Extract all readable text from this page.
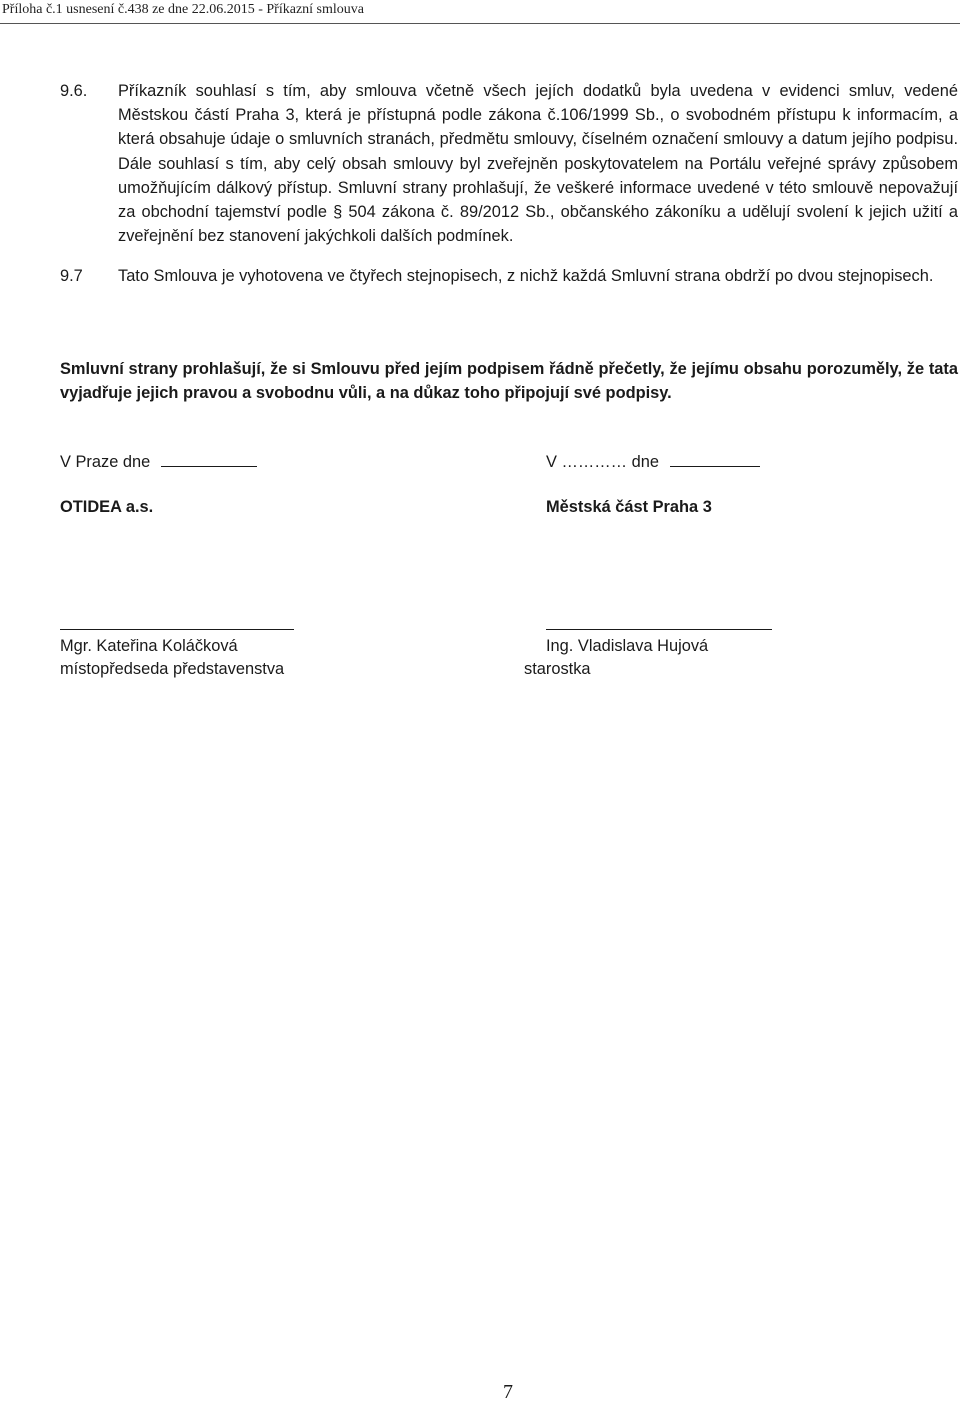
Příloha č.1 usnesení č.438 ze dne 22.06.2015 - Příkazní smlouva
9.6. Příkazník souhlasí s tím, aby smlouva včetně všech jejích dodatků byla uvedena v evidenci smluv, vedené Městskou částí Praha 3, která je přístupná podle zákona č.106/1999 Sb., o svobodném přístupu k informacím, a která obsahuje údaje o smluvních stranách, předmětu smlouvy, číselném označení smlouvy a datum jejího podpisu. Dále souhlasí s tím, aby celý obsah smlouvy byl zveřejněn poskytovatelem na Portálu veřejné správy způsobem umožňujícím dálkový přístup. Smluvní strany prohlašují, že veškeré informace uvedené v této smlouvě nepovažují za obchodní tajemství podle § 504 zákona č. 89/2012 Sb., občanského zákoníku a udělují svolení k jejich užití a zveřejnění bez stanovení jakýchkoli dalších podmínek.
9.7 Tato Smlouva je vyhotovena ve čtyřech stejnopisech, z nichž každá Smluvní strana obdrží po dvou stejnopisech.
Smluvní strany prohlašují, že si Smlouvu před jejím podpisem řádně přečetly, že jejímu obsahu porozuměly, že tata vyjadřuje jejich pravou a svobodnu vůli, a na důkaz toho připojují své podpisy.
V Praze dne
OTIDEA a.s.
Mgr. Kateřina Koláčková
místopředseda představenstva
V ………… dne
Městská část Praha 3
Ing. Vladislava Hujová
starostka
7
